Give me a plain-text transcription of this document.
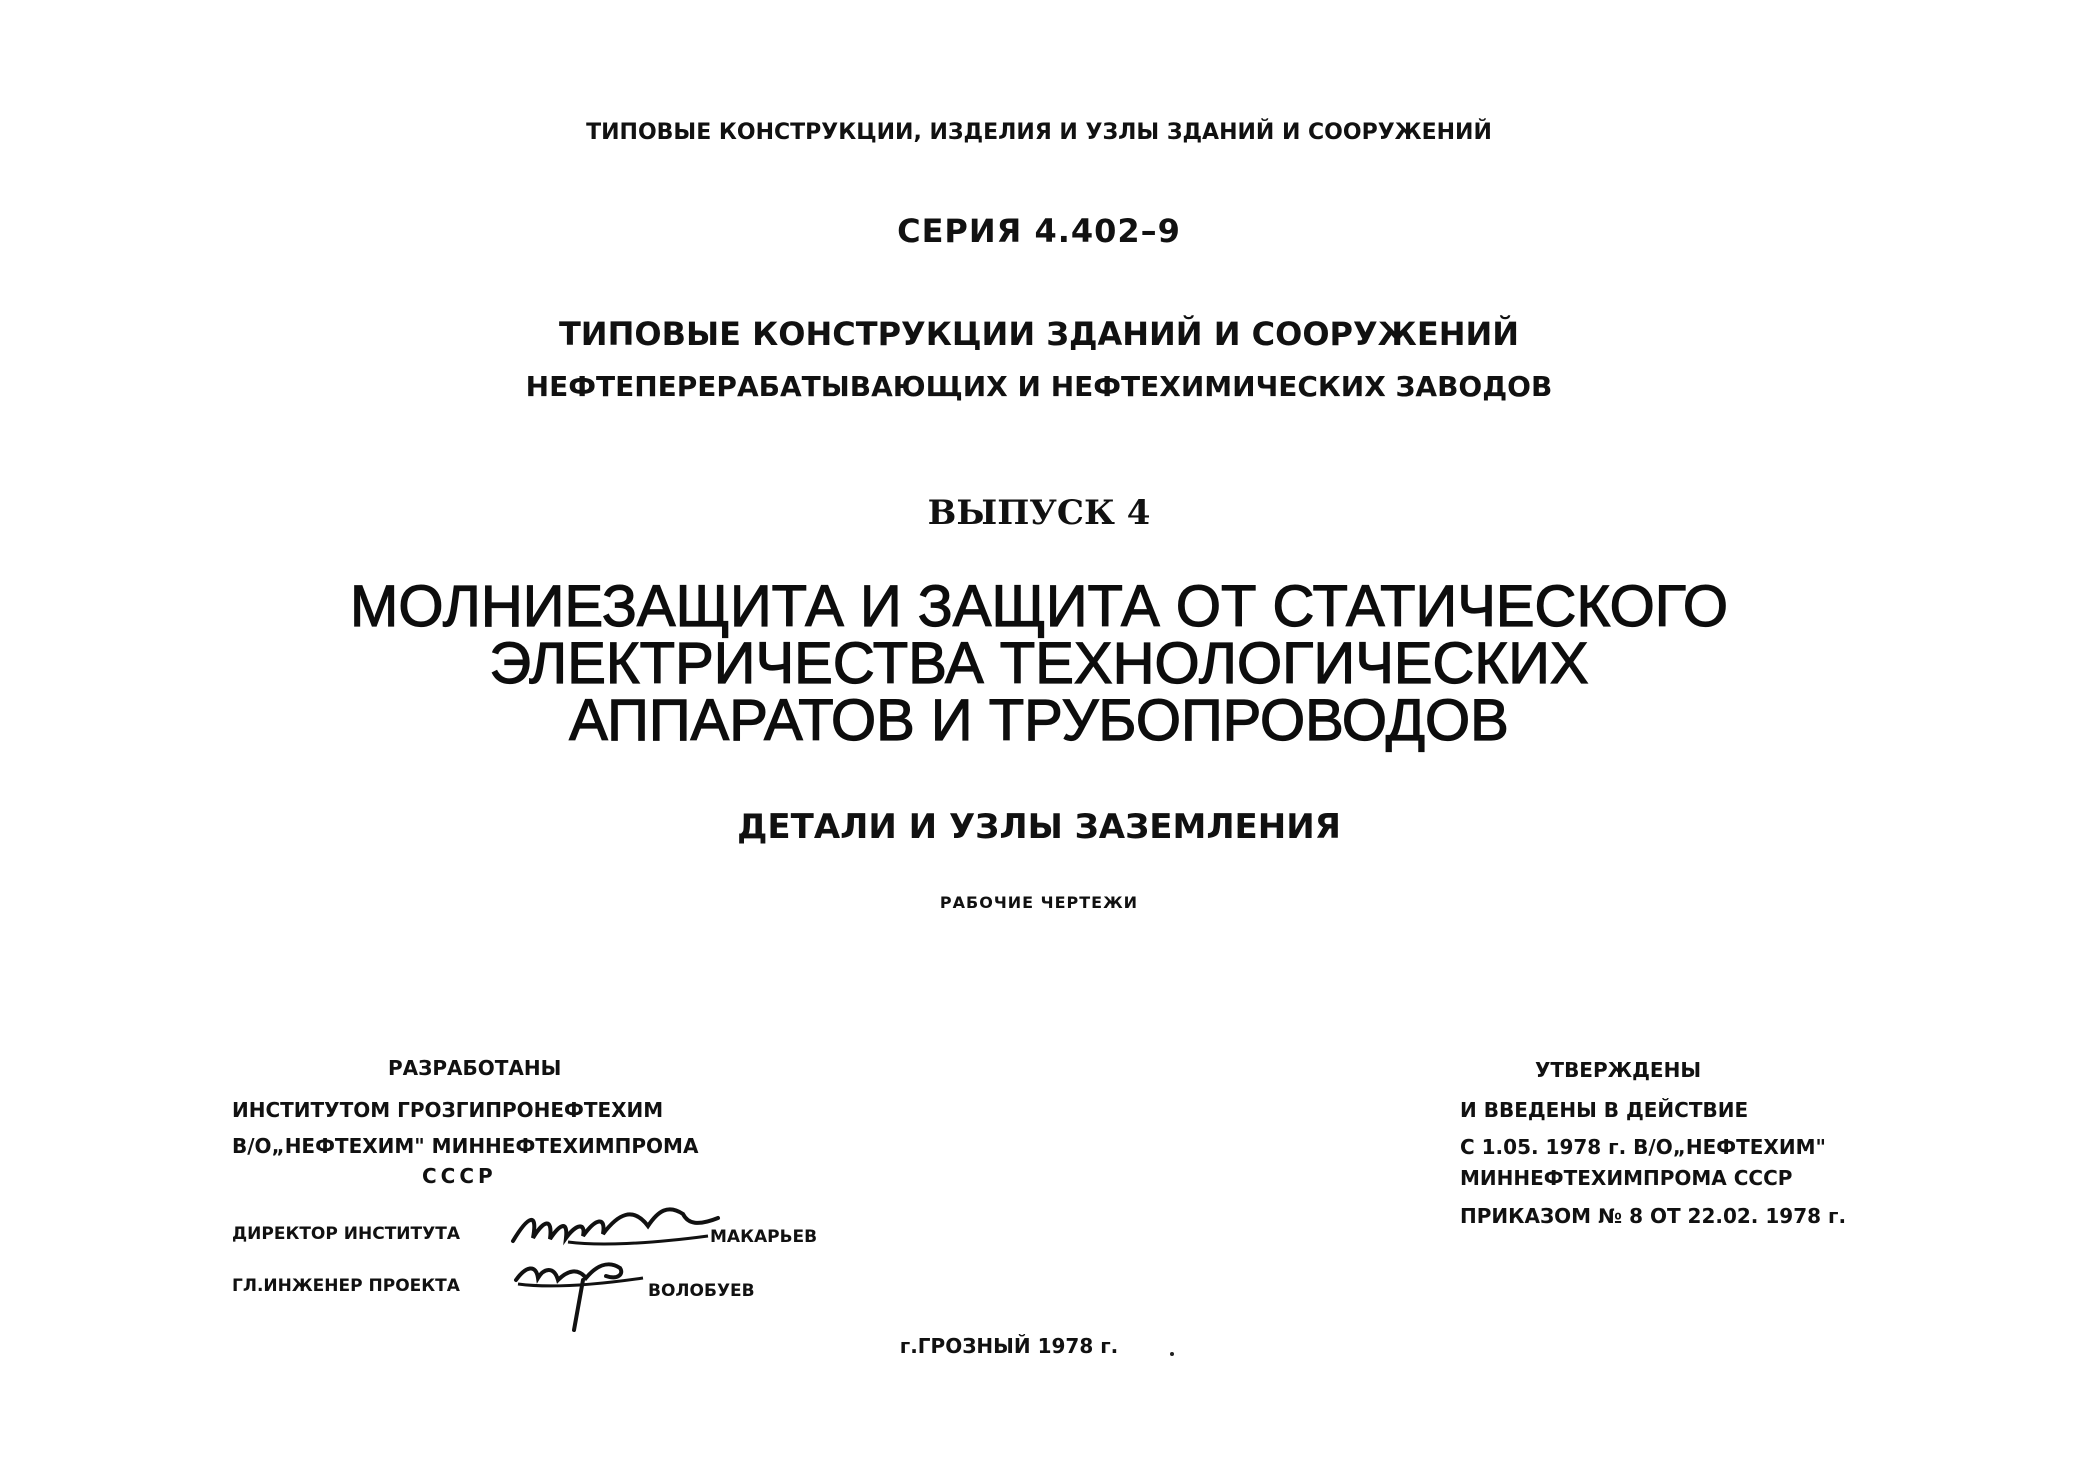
ТИПОВЫЕ КОНСТРУКЦИИ, ИЗДЕЛИЯ И УЗЛЫ ЗДАНИЙ И СООРУЖЕНИЙ
СЕРИЯ 4.402–9
ТИПОВЫЕ КОНСТРУКЦИИ ЗДАНИЙ И СООРУЖЕНИЙ
НЕФТЕПЕРЕРАБАТЫВАЮЩИХ И НЕФТЕХИМИЧЕСКИХ ЗАВОДОВ
ВЫПУСК 4
МОЛНИЕЗАЩИТА И ЗАЩИТА ОТ СТАТИЧЕСКОГО
ЭЛЕКТРИЧЕСТВА ТЕХНОЛОГИЧЕСКИХ
АППАРАТОВ И ТРУБОПРОВОДОВ
ДЕТАЛИ И УЗЛЫ ЗАЗЕМЛЕНИЯ
РАБОЧИЕ ЧЕРТЕЖИ
РАЗРАБОТАНЫ
ИНСТИТУТОМ ГРОЗГИПРОНЕФТЕХИМ
В/О„НЕФТЕХИМ" МИННЕФТЕХИМПРОМА
СССР
ДИРЕКТОР ИНСТИТУТА	МАКАРЬЕВ
ГЛ.ИНЖЕНЕР ПРОЕКТА	ВОЛОБУЕВ
УТВЕРЖДЕНЫ
И ВВЕДЕНЫ В ДЕЙСТВИЕ
С 1.05. 1978 г. В/О„НЕФТЕХИМ"
МИННЕФТЕХИМПРОМА СССР
ПРИКАЗОМ № 8 ОТ 22.02. 1978 г.
г.ГРОЗНЫЙ 1978 г.
